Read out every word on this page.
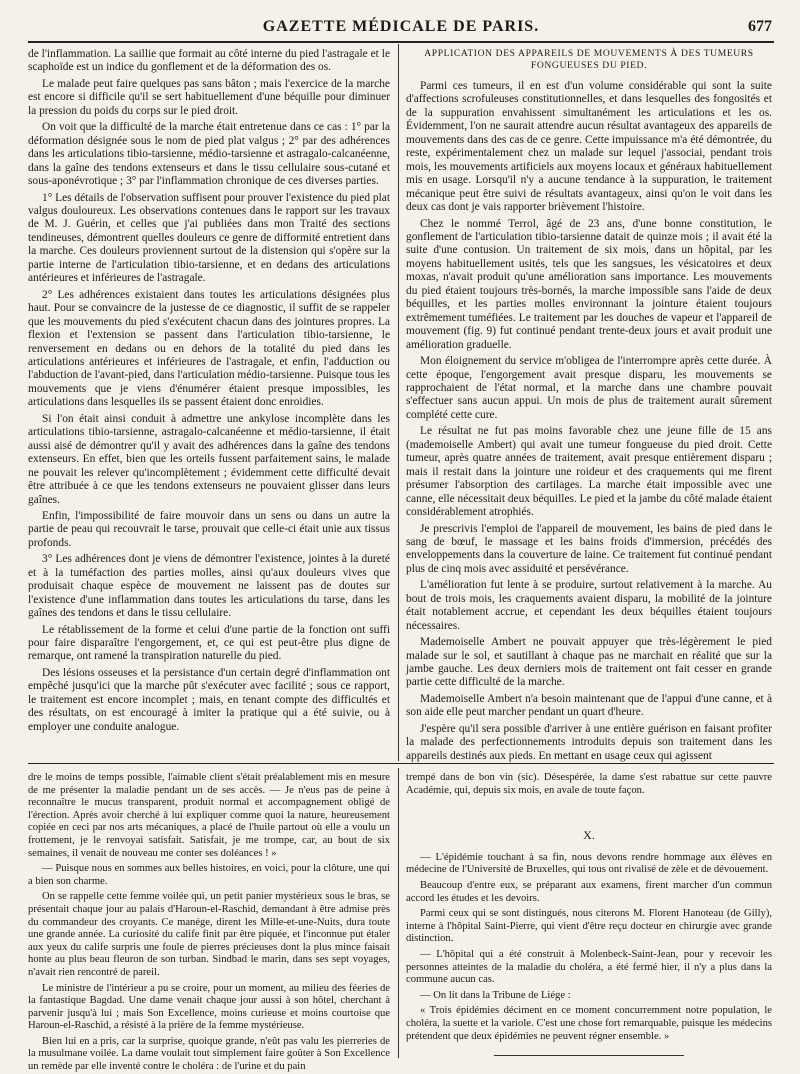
GAZETTE MÉDICALE DE PARIS.	677

de l'inflammation. La saillie que formait au côté interne du pied l'astragale et le scaphoïde est un indice du gonflement et de la déformation des os.

Le malade peut faire quelques pas sans bâton ; mais l'exercice de la marche est encore si difficile qu'il se sert habituellement d'une béquille pour diminuer la pression du poids du corps sur le pied droit.

On voit que la difficulté de la marche était entretenue dans ce cas : 1° par la déformation désignée sous le nom de pied plat valgus ; 2° par des adhérences dans les articulations tibio-tarsienne, médio-tarsienne et astragalo-calcanéenne, dans la gaîne des tendons extenseurs et dans le tissu cellulaire sous-cutané et sous-aponévrotique ; 3° par l'inflammation chronique de ces diverses parties.

1° Les détails de l'observation suffisent pour prouver l'existence du pied plat valgus douloureux. Les observations contenues dans le rapport sur les travaux de M. J. Guérin, et celles que j'ai publiées dans mon Traité des sections tendineuses, démontrent quelles douleurs ce genre de difformité entretient dans la marche. Ces douleurs proviennent surtout de la distension qui s'opère sur la partie interne de l'articulation tibio-tarsienne, et en dedans des articulations antérieures et inférieures de l'astragale.

2° Les adhérences existaient dans toutes les articulations désignées plus haut. Pour se convaincre de la justesse de ce diagnostic, il suffit de se rappeler que les mouvements du pied s'exécutent chacun dans des jointures propres. La flexion et l'extension se passent dans l'articulation tibio-tarsienne, le renversement en dedans ou en dehors de la totalité du pied dans les articulations antérieures et inférieures de l'astragale, et enfin, l'adduction ou l'abduction de l'avant-pied, dans l'articulation médio-tarsienne. Puisque tous les mouvements que je viens d'énumérer étaient presque impossibles, les articulations dans lesquelles ils se passent étaient donc enroidies.

Si l'on était ainsi conduit à admettre une ankylose incomplète dans les articulations tibio-tarsienne, astragalo-calcanéenne et médio-tarsienne, il était aussi aisé de démontrer qu'il y avait des adhérences dans la gaîne des tendons extenseurs. En effet, bien que les orteils fussent parfaitement sains, le malade ne pouvait les relever qu'incomplètement ; évidemment cette difficulté devait être attribuée à ce que les tendons extenseurs ne pouvaient glisser dans leurs gaînes.

Enfin, l'impossibilité de faire mouvoir dans un sens ou dans un autre la partie de peau qui recouvrait le tarse, prouvait que celle-ci était unie aux tissus profonds.

3° Les adhérences dont je viens de démontrer l'existence, jointes à la dureté et à la tuméfaction des parties molles, ainsi qu'aux douleurs vives que produisait chaque espèce de mouvement ne laissent pas de doutes sur l'existence d'une inflammation dans toutes les articulations du tarse, dans les gaînes des tendons et dans le tissu cellulaire.

Le rétablissement de la forme et celui d'une partie de la fonction ont suffi pour faire disparaître l'engorgement, et, ce qui est peut-être plus digne de remarque, ont ramené la transpiration naturelle du pied.

Des lésions osseuses et la persistance d'un certain degré d'inflammation ont empêché jusqu'ici que la marche pût s'exécuter avec facilité ; sous ce rapport, le traitement est encore incomplet ; mais, en tenant compte des difficultés et des résultats, on est encouragé à imiter la pratique qui a été suivie, ou à employer une conduite analogue.

APPLICATION DES APPAREILS DE MOUVEMENTS À DES TUMEURS FONGUEUSES DU PIED.

Parmi ces tumeurs, il en est d'un volume considérable qui sont la suite d'affections scrofuleuses constitutionnelles, et dans lesquelles des fongosités et de la suppuration envahissent simultanément les articulations et les os. Évidemment, l'on ne saurait attendre aucun résultat avantageux des appareils de mouvements dans des cas de ce genre. Cette impuissance m'a été démontrée, du reste, expérimentalement chez un malade sur lequel j'associai, pendant trois mois, les mouvements artificiels aux moyens locaux et généraux habituellement mis en usage. Lorsqu'il n'y a aucune tendance à la suppuration, le traitement mécanique peut être suivi de résultats avantageux, ainsi qu'on le voit dans les deux cas dont je vais rapporter brièvement l'histoire.

Chez le nommé Terrol, âgé de 23 ans, d'une bonne constitution, le gonflement de l'articulation tibio-tarsienne datait de quinze mois ; il avait été la suite d'une contusion. Un traitement de six mois, dans un hôpital, par les moyens habituellement usités, tels que les sangsues, les vésicatoires et deux moxas, n'avait produit qu'une amélioration sans importance. Les mouvements du pied étaient toujours très-bornés, la marche impossible sans l'aide de deux béquilles, et les parties molles environnant la jointure étaient toujours extrêmement tuméfiées. Le traitement par les douches de vapeur et l'appareil de mouvement (fig. 9) fut continué pendant trente-deux jours et avait produit une amélioration graduelle.

Mon éloignement du service m'obligea de l'interrompre après cette durée. À cette époque, l'engorgement avait presque disparu, les mouvements se rapprochaient de l'état normal, et la marche dans une chambre pouvait s'effectuer sans aucun appui. Un mois de plus de traitement aurait sûrement complété cette cure.

Le résultat ne fut pas moins favorable chez une jeune fille de 15 ans (mademoiselle Ambert) qui avait une tumeur fongueuse du pied droit. Cette tumeur, après quatre années de traitement, avait presque entièrement disparu ; mais il restait dans la jointure une roideur et des craquements qui me firent présumer l'absorption des cartilages. La marche était impossible avec une canne, elle nécessitait deux béquilles. Le pied et la jambe du côté malade étaient considérablement atrophiés.

Je prescrivis l'emploi de l'appareil de mouvement, les bains de pied dans le sang de bœuf, le massage et les bains froids d'immersion, précédés des enveloppements dans la couverture de laine. Ce traitement fut continué pendant plus de cinq mois avec assiduité et persévérance.

L'amélioration fut lente à se produire, surtout relativement à la marche. Au bout de trois mois, les craquements avaient disparu, la mobilité de la jointure était notablement accrue, et cependant les deux béquilles étaient toujours nécessaires.

Mademoiselle Ambert ne pouvait appuyer que très-légèrement le pied malade sur le sol, et sautillant à chaque pas ne marchait en réalité que sur la jambe gauche. Les deux derniers mois de traitement ont fait cesser en grande partie cette difficulté de la marche.

Mademoiselle Ambert n'a besoin maintenant que de l'appui d'une canne, et à son aide elle peut marcher pendant un quart d'heure.

J'espère qu'il sera possible d'arriver à une entière guérison en faisant profiter la malade des perfectionnements introduits depuis son traitement dans les appareils destinés aux pieds. En mettant en usage ceux qui agissent

dre le moins de temps possible, l'aimable client s'était préalablement mis en mesure de me présenter la maladie pendant un de ses accès. — Je n'eus pas de peine à reconnaître le mucus transparent, produit normal et accompagnement obligé de l'érection. Après avoir cherché à lui expliquer comme quoi la nature, heureusement copiée en ceci par nos arts mécaniques, a placé de l'huile partout où elle a voulu un frottement, je le renvoyai satisfait. Satisfait, je me trompe, car, au bout de six semaines, il venait de nouveau me conter ses doléances ! »

— Puisque nous en sommes aux belles histoires, en voici, pour la clôture, une qui a bien son charme.

On se rappelle cette femme voilée qui, un petit panier mystérieux sous le bras, se présentait chaque jour au palais d'Haroun-el-Raschid, demandant à être admise près du commandeur des croyants. Ce manége, dirent les Mille-et-une-Nuits, dura toute une grande année. La curiosité du calife finit par être piquée, et l'inconnue put étaler aux yeux du calife surpris une foule de pierres précieuses dont la plus mince faisait honte au plus beau fleuron de son turban. Sindbad le marin, dans ses sept voyages, n'avait rien rencontré de pareil.

Le ministre de l'intérieur a pu se croire, pour un moment, au milieu des féeries de la fantastique Bagdad. Une dame venait chaque jour aussi à son hôtel, cherchant à parvenir jusqu'à lui ; mais Son Excellence, moins curieuse et moins courtoise que Haroun-el-Raschid, a résisté à la prière de la femme mystérieuse.

Bien lui en a pris, car la surprise, quoique grande, n'eût pas valu les pierreries de la musulmane voilée. La dame voulait tout simplement faire goûter à Son Excellence un remède par elle inventé contre le choléra : de l'urine et du pain

trempé dans de bon vin (sic). Désespérée, la dame s'est rabattue sur cette pauvre Académie, qui, depuis six mois, en avale de toute façon.

X.

— L'épidémie touchant à sa fin, nous devons rendre hommage aux élèves en médecine de l'Université de Bruxelles, qui tous ont rivalisé de zèle et de dévouement.

Beaucoup d'entre eux, se préparant aux examens, firent marcher d'un commun accord les études et les devoirs.

Parmi ceux qui se sont distingués, nous citerons M. Florent Hanoteau (de Gilly), interne à l'hôpital Saint-Pierre, qui vient d'être reçu docteur en chirurgie avec grande distinction.

— L'hôpital qui a été construit à Molenbeck-Saint-Jean, pour y recevoir les personnes atteintes de la maladie du choléra, a été fermé hier, il n'y a plus dans la commune aucun cas.

— On lit dans la Tribune de Liége :

« Trois épidémies déciment en ce moment concurremment notre population, le choléra, la suette et la variole. C'est une chose fort remarquable, puisque les médecins prétendent que deux épidémies ne peuvent régner ensemble. »
